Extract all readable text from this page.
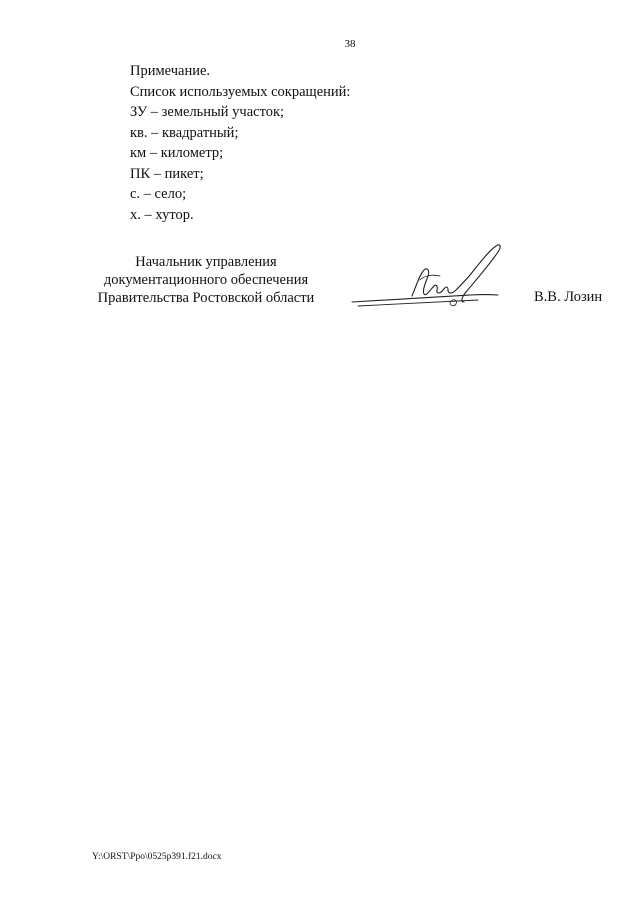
38
Примечание.
Список используемых сокращений:
ЗУ – земельный участок;
кв. – квадратный;
км – километр;
ПК – пикет;
с. – село;
х. – хутор.
Начальник управления
документационного обеспечения
Правительства Ростовской области	В.В. Лозин
Y:\ORST\Ppo\0525p391.f21.docx
